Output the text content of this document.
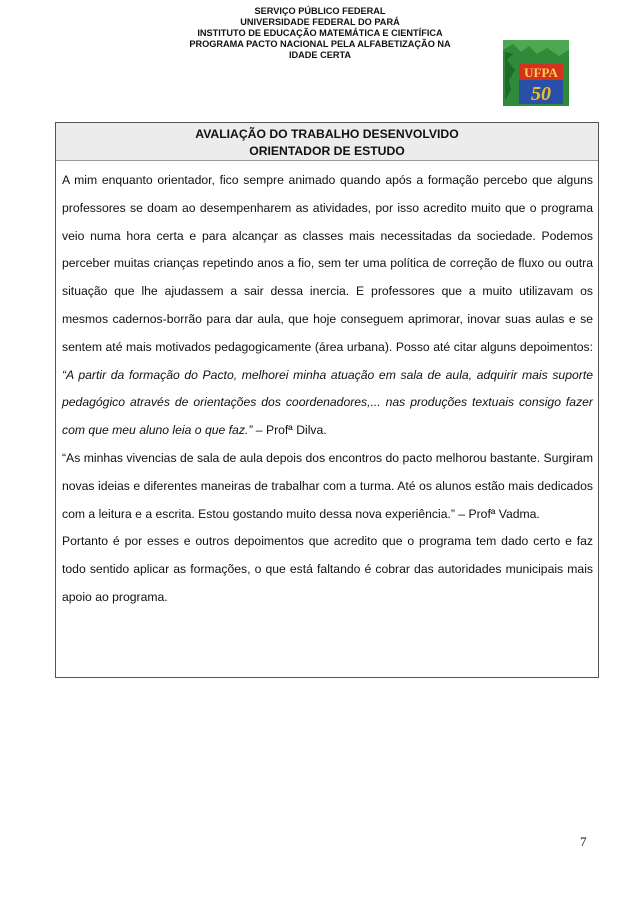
SERVIÇO PÚBLICO FEDERAL
UNIVERSIDADE FEDERAL DO PARÁ
INSTITUTO DE EDUCAÇÃO MATEMÁTICA E CIENTÍFICA
PROGRAMA PACTO NACIONAL PELA ALFABETIZAÇÃO NA
IDADE CERTA
UFPA
50
AVALIAÇÃO DO TRABALHO DESENVOLVIDO
ORIENTADOR DE ESTUDO

A mim enquanto orientador, fico sempre animado quando após a formação percebo que alguns professores se doam ao desempenharem as atividades, por isso acredito muito que o programa veio numa hora certa e para alcançar as classes mais necessitadas da sociedade. Podemos perceber muitas crianças repetindo anos a fio, sem ter uma política de correção de fluxo ou outra situação que lhe ajudassem a sair dessa inercia. E professores que a muito utilizavam os mesmos cadernos-borrão para dar aula, que hoje conseguem aprimorar, inovar suas aulas e se sentem até mais motivados pedagogicamente (área urbana). Posso até citar alguns depoimentos: “A partir da formação do Pacto, melhorei minha atuação em sala de aula, adquirir mais suporte pedagógico através de orientações dos coordenadores,... nas produções textuais consigo fazer com que meu aluno leia o que faz.” – Profª Dilva.

“As minhas vivencias de sala de aula depois dos encontros do pacto melhorou bastante. Surgiram novas ideias e diferentes maneiras de trabalhar com a turma. Até os alunos estão mais dedicados com a leitura e a escrita. Estou gostando muito dessa nova experiência.” – Profª Vadma.

Portanto é por esses e outros depoimentos que acredito que o programa tem dado certo e faz todo sentido aplicar as formações, o que está faltando é cobrar das autoridades municipais mais apoio ao programa.

7
